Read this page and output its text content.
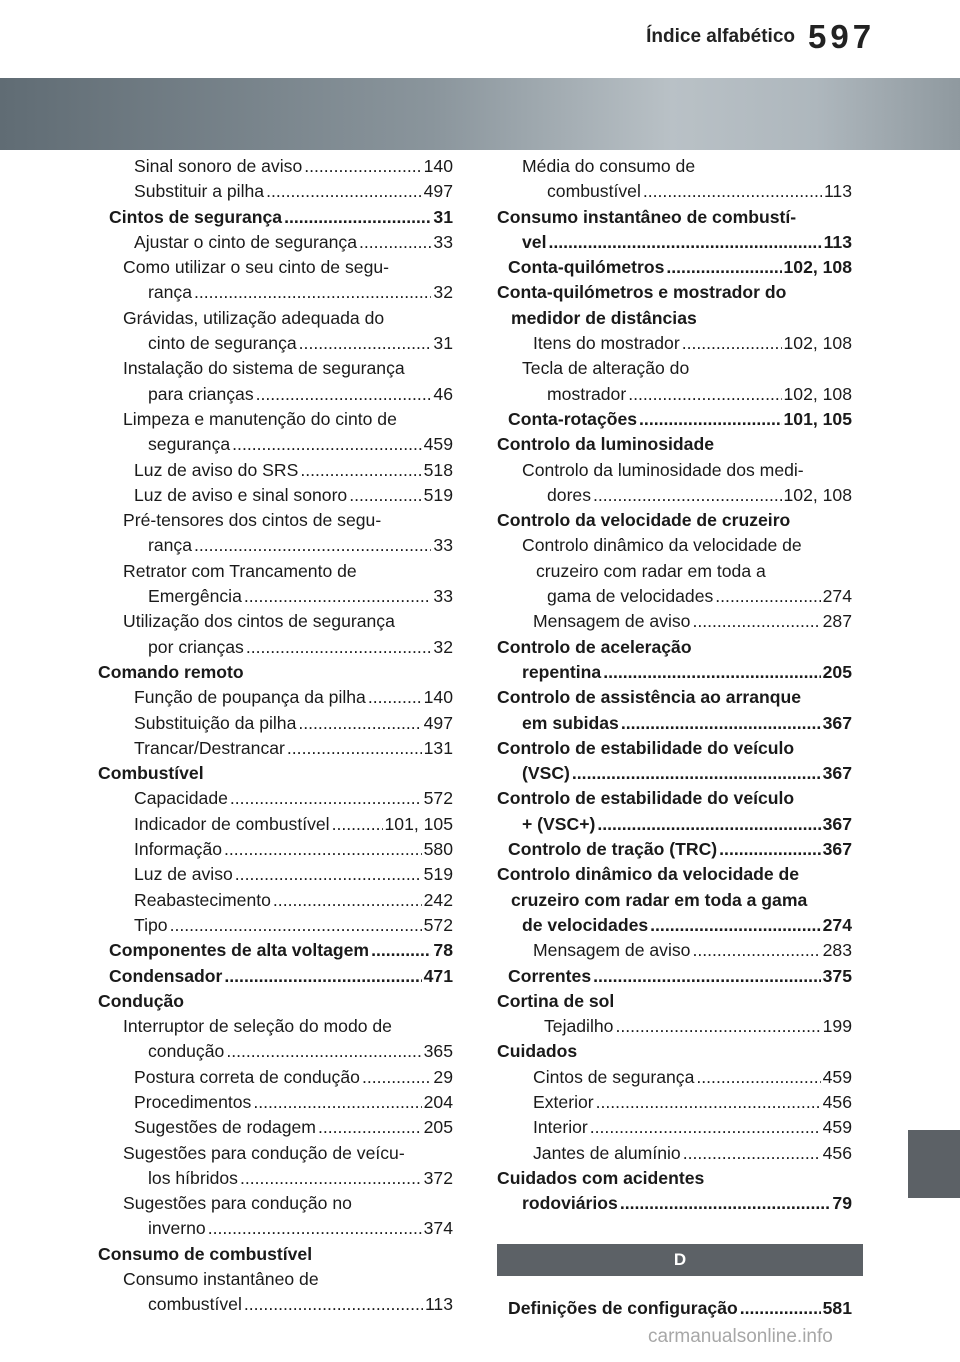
Índice alfabético 597
Sinal sonoro de aviso .....	140
Substituir a pilha .....	497
Cintos de segurança .....	31
Ajustar o cinto de segurança .....	33
Como utilizar o seu cinto de segu-
rança .....	32
Grávidas, utilização adequada do
cinto de segurança .....	31
Instalação do sistema de segurança
para crianças .....	46
Limpeza e manutenção do cinto de
segurança .....	459
Luz de aviso do SRS .....	518
Luz de aviso e sinal sonoro .....	519
Pré-tensores dos cintos de segu-
rança .....	33
Retrator com Trancamento de
Emergência .....	33
Utilização dos cintos de segurança
por crianças .....	32
Comando remoto
Função de poupança da pilha .....	140
Substituição da pilha .....	497
Trancar/Destrancar .....	131
Combustível
Capacidade .....	572
Indicador de combustível .....	101, 105
Informação .....	580
Luz de aviso .....	519
Reabastecimento .....	242
Tipo .....	572
Componentes de alta voltagem .....	78
Condensador .....	471
Condução
Interruptor de seleção do modo de
condução .....	365
Postura correta de condução .....	29
Procedimentos .....	204
Sugestões de rodagem .....	205
Sugestões para condução de veícu-
los híbridos .....	372
Sugestões para condução no
inverno .....	374
Consumo de combustível
Consumo instantâneo de
combustível .....	113
Média do consumo de
combustível .....	113
Consumo instantâneo de combustí-
vel .....	113
Conta-quilómetros .....	102, 108
Conta-quilómetros e mostrador do
medidor de distâncias
Itens do mostrador .....	102, 108
Tecla de alteração do
mostrador .....	102, 108
Conta-rotações .....	101, 105
Controlo da luminosidade
Controlo da luminosidade dos medi-
dores .....	102, 108
Controlo da velocidade de cruzeiro
Controlo dinâmico da velocidade de
cruzeiro com radar em toda a
gama de velocidades .....	274
Mensagem de aviso .....	287
Controlo de aceleração
repentina .....	205
Controlo de assistência ao arranque
em subidas .....	367
Controlo de estabilidade do veículo
(VSC) .....	367
Controlo de estabilidade do veículo
+ (VSC+) .....	367
Controlo de tração (TRC) .....	367
Controlo dinâmico da velocidade de
cruzeiro com radar em toda a gama
de velocidades .....	274
Mensagem de aviso .....	283
Correntes .....	375
Cortina de sol
Tejadilho .....	199
Cuidados
Cintos de segurança .....	459
Exterior .....	456
Interior .....	459
Jantes de alumínio .....	456
Cuidados com acidentes
rodoviários .....	79
D
Definições de configuração .....	581
carmanualsonline.info
